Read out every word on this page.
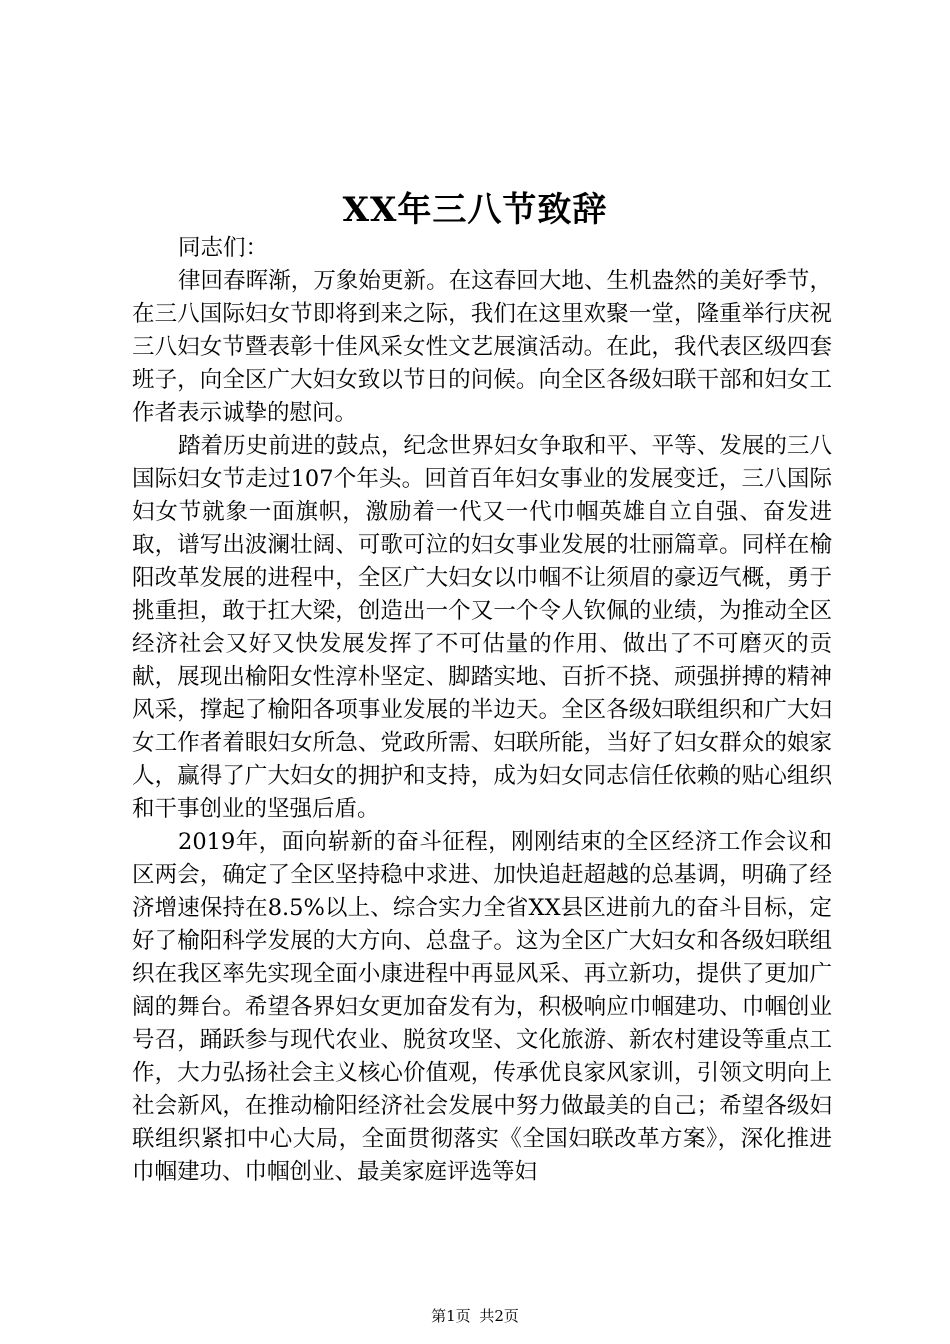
XX年三八节致辞

同志们：

律回春晖渐，万象始更新。在这春回大地、生机盎然的美好季节，在三八国际妇女节即将到来之际，我们在这里欢聚一堂，隆重举行庆祝三八妇女节暨表彰十佳风采女性文艺展演活动。在此，我代表区级四套班子，向全区广大妇女致以节日的问候。向全区各级妇联干部和妇女工作者表示诚挚的慰问。

踏着历史前进的鼓点，纪念世界妇女争取和平、平等、发展的三八国际妇女节走过107个年头。回首百年妇女事业的发展变迁，三八国际妇女节就象一面旗帜，激励着一代又一代巾帼英雄自立自强、奋发进取，谱写出波澜壮阔、可歌可泣的妇女事业发展的壮丽篇章。同样在榆阳改革发展的进程中，全区广大妇女以巾帼不让须眉的豪迈气概，勇于挑重担，敢于扛大梁，创造出一个又一个令人钦佩的业绩，为推动全区经济社会又好又快发展发挥了不可估量的作用、做出了不可磨灭的贡献，展现出榆阳女性淳朴坚定、脚踏实地、百折不挠、顽强拼搏的精神风采，撑起了榆阳各项事业发展的半边天。全区各级妇联组织和广大妇女工作者着眼妇女所急、党政所需、妇联所能，当好了妇女群众的娘家人，赢得了广大妇女的拥护和支持，成为妇女同志信任依赖的贴心组织和干事创业的坚强后盾。

2019年，面向崭新的奋斗征程，刚刚结束的全区经济工作会议和区两会，确定了全区坚持稳中求进、加快追赶超越的总基调，明确了经济增速保持在8.5%以上、综合实力全省XX县区进前九的奋斗目标，定好了榆阳科学发展的大方向、总盘子。这为全区广大妇女和各级妇联组织在我区率先实现全面小康进程中再显风采、再立新功，提供了更加广阔的舞台。希望各界妇女更加奋发有为，积极响应巾帼建功、巾帼创业号召，踊跃参与现代农业、脱贫攻坚、文化旅游、新农村建设等重点工作，大力弘扬社会主义核心价值观，传承优良家风家训，引领文明向上社会新风，在推动榆阳经济社会发展中努力做最美的自己；希望各级妇联组织紧扣中心大局，全面贯彻落实《全国妇联改革方案》，深化推进巾帼建功、巾帼创业、最美家庭评选等妇

第1页 共2页
